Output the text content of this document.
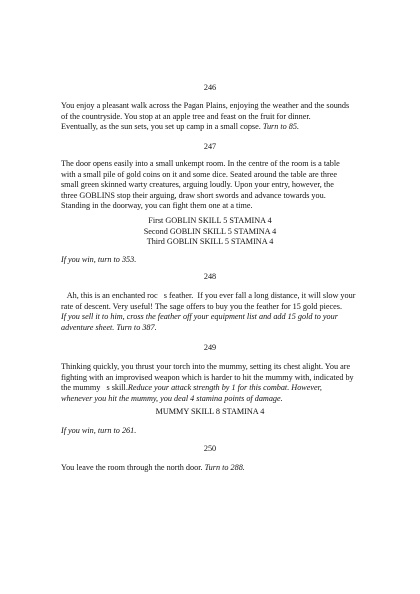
246
You enjoy a pleasant walk across the Pagan Plains, enjoying the weather and the sounds
of the countryside. You stop at an apple tree and feast on the fruit for dinner.
Eventually, as the sun sets, you set up camp in a small copse. Turn to 85.
247
The door opens easily into a small unkempt room. In the centre of the room is a table
with a small pile of gold coins on it and some dice. Seated around the table are three
small green skinned warty creatures, arguing loudly. Upon your entry, however, the
three GOBLINS stop their arguing, draw short swords and advance towards you.
Standing in the doorway, you can fight them one at a time.
First GOBLIN SKILL 5 STAMINA 4
Second GOBLIN SKILL 5 STAMINA 4
Third GOBLIN SKILL 5 STAMINA 4
If you win, turn to 353.
248
Ah, this is an enchanted roc   s feather.  If you ever fall a long distance, it will slow your
rate of descent. Very useful! The sage offers to buy you the feather for 15 gold pieces.
If you sell it to him, cross the feather off your equipment list and add 15 gold to your
adventure sheet. Turn to 387.
249
Thinking quickly, you thrust your torch into the mummy, setting its chest alight. You are
fighting with an improvised weapon which is harder to hit the mummy with, indicated by
the mummy   s skill.Reduce your attack strength by 1 for this combat. However,
whenever you hit the mummy, you deal 4 stamina points of damage.
MUMMY SKILL 8 STAMINA 4
If you win, turn to 261.
250
You leave the room through the north door. Turn to 288.
